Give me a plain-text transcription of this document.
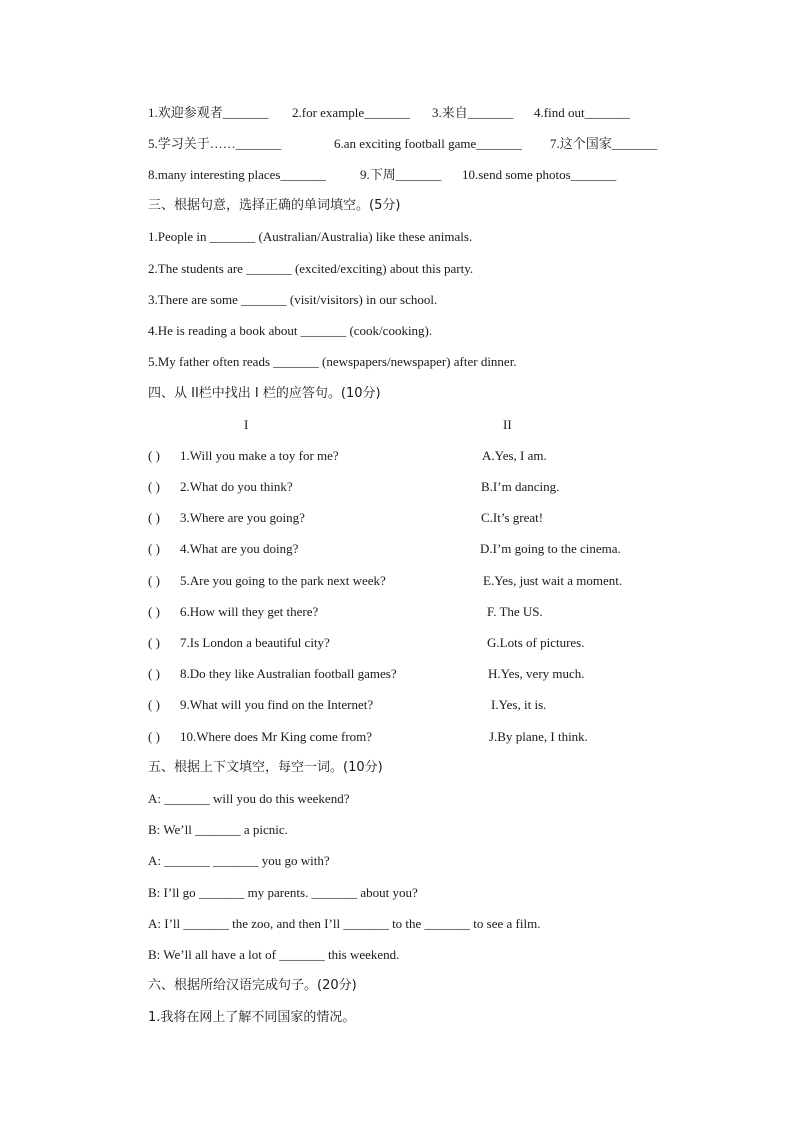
1.欢迎参观者_______ 2.for example_______ 3.来自_______ 4.find out_______
5.学习关于……_______	6.an exciting football game_______ 7.这个国家_______
8.many interesting places_______	9.下周_______ 10.send some photos_______
三、根据句意，选择正确的单词填空。(5分)
1.People in _______ (Australian/Australia) like these animals.
2.The students are _______ (excited/exciting) about this party.
3.There are some _______ (visit/visitors) in our school.
4.He is reading a book about _______ (cook/cooking).
5.My father often reads _______ (newspapers/newspaper) after dinner.
四、从 II栏中找出 I 栏的应答句。(10分)
I	II
( ) 1.Will you make a toy for me?	A.Yes, I am.
( ) 2.What do you think?	B.I’m dancing.
( ) 3.Where are you going?	C.It’s great!
( ) 4.What are you doing?	D.I’m going to the cinema.
( ) 5.Are you going to the park next week?	E.Yes, just wait a moment.
( ) 6.How will they get there?	F. The US.
( ) 7.Is London a beautiful city?	G.Lots of pictures.
( ) 8.Do they like Australian football games?	H.Yes, very much.
( ) 9.What will you find on the Internet?	I.Yes, it is.
( ) 10.Where does Mr King come from?	J.By plane, I think.
五、根据上下文填空，每空一词。(10分)
A: _______ will you do this weekend?
B: We’ll _______ a picnic.
A: _______ _______ you go with?
B: I’ll go _______ my parents. _______ about you?
A: I’ll _______ the zoo, and then I’ll _______ to the _______ to see a film.
B: We’ll all have a lot of _______ this weekend.
六、根据所给汉语完成句子。(20分)
1.我将在网上了解不同国家的情况。
